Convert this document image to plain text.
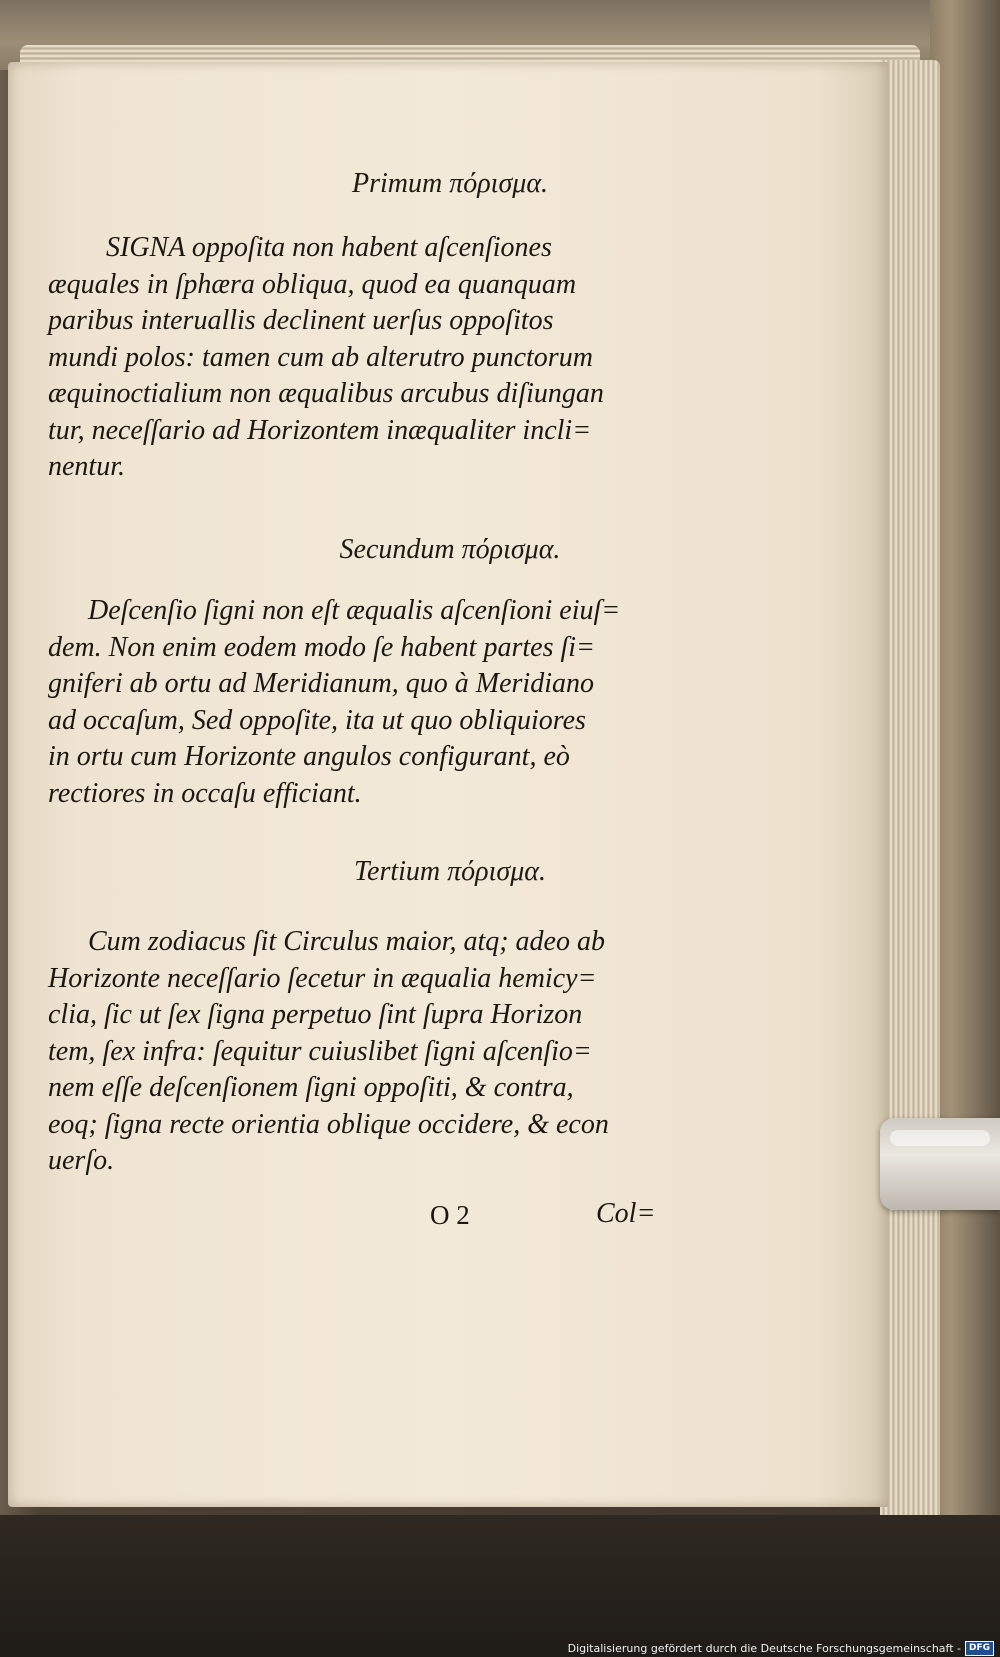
Primum πόρισμα.
SIGNA oppoſita non habent aſcenſiones
æquales in ſphæra obliqua, quod ea quanquam
paribus interuallis declinent uerſus oppoſitos
mundi polos: tamen cum ab alterutro punctorum
æquinoctialium non æqualibus arcubus diſiungan
tur, neceſſario ad Horizontem inæqualiter incli=
nentur.
Secundum πόρισμα.
Deſcenſio ſigni non eſt æqualis aſcenſioni eiuſ=
dem. Non enim eodem modo ſe habent partes ſi=
gniferi ab ortu ad Meridianum, quo à Meridiano
ad occaſum, Sed oppoſite, ita ut quo obliquiores
in ortu cum Horizonte angulos configurant, eò
rectiores in occaſu efficiant.
Tertium πόρισμα.
Cum zodiacus ſit Circulus maior, atq; adeo ab
Horizonte neceſſario ſecetur in æqualia hemicy=
clia, ſic ut ſex ſigna perpetuo ſint ſupra Horizon
tem, ſex infra: ſequitur cuiuslibet ſigni aſcenſio=
nem eſſe deſcenſionem ſigni oppoſiti, & contra,
eoq; ſigna recte orientia oblique occidere, & econ
uerſo.
O 2	Col=
Digitalisierung gefördert durch die Deutsche Forschungsgemeinschaft - DFG
